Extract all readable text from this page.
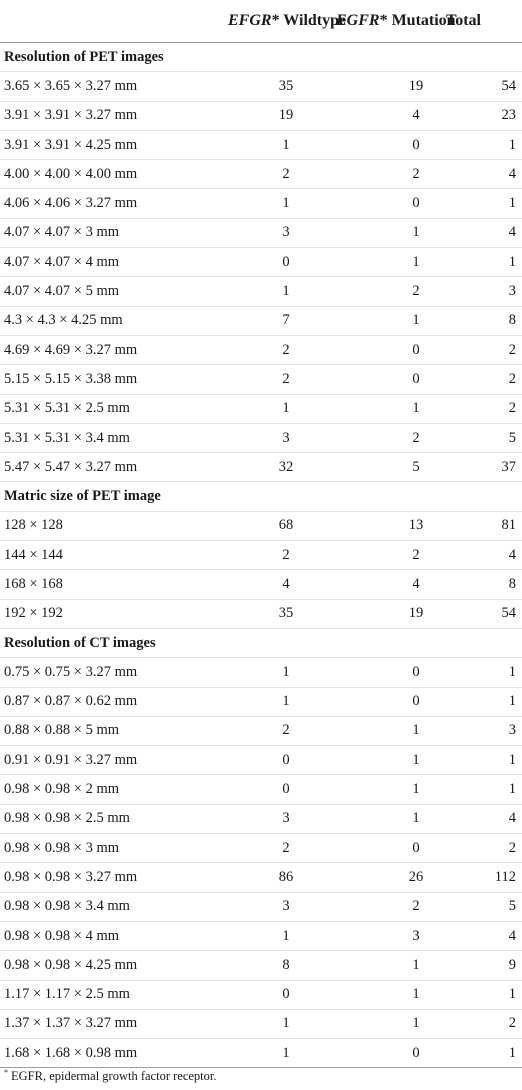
	EFGR* Wildtype	EGFR* Mutation	Total
Resolution of PET images			
3.65 × 3.65 × 3.27 mm	35	19	54
3.91 × 3.91 × 3.27 mm	19	4	23
3.91 × 3.91 × 4.25 mm	1	0	1
4.00 × 4.00 × 4.00 mm	2	2	4
4.06 × 4.06 × 3.27 mm	1	0	1
4.07 × 4.07 × 3 mm	3	1	4
4.07 × 4.07 × 4 mm	0	1	1
4.07 × 4.07 × 5 mm	1	2	3
4.3 × 4.3 × 4.25 mm	7	1	8
4.69 × 4.69 × 3.27 mm	2	0	2
5.15 × 5.15 × 3.38 mm	2	0	2
5.31 × 5.31 × 2.5 mm	1	1	2
5.31 × 5.31 × 3.4 mm	3	2	5
5.47 × 5.47 × 3.27 mm	32	5	37
Matric size of PET image			
128 × 128	68	13	81
144 × 144	2	2	4
168 × 168	4	4	8
192 × 192	35	19	54
Resolution of CT images			
0.75 × 0.75 × 3.27 mm	1	0	1
0.87 × 0.87 × 0.62 mm	1	0	1
0.88 × 0.88 × 5 mm	2	1	3
0.91 × 0.91 × 3.27 mm	0	1	1
0.98 × 0.98 × 2 mm	0	1	1
0.98 × 0.98 × 2.5 mm	3	1	4
0.98 × 0.98 × 3 mm	2	0	2
0.98 × 0.98 × 3.27 mm	86	26	112
0.98 × 0.98 × 3.4 mm	3	2	5
0.98 × 0.98 × 4 mm	1	3	4
0.98 × 0.98 × 4.25 mm	8	1	9
1.17 × 1.17 × 2.5 mm	0	1	1
1.37 × 1.37 × 3.27 mm	1	1	2
1.68 × 1.68 × 0.98 mm	1	0	1
* EGFR, epidermal growth factor receptor.
